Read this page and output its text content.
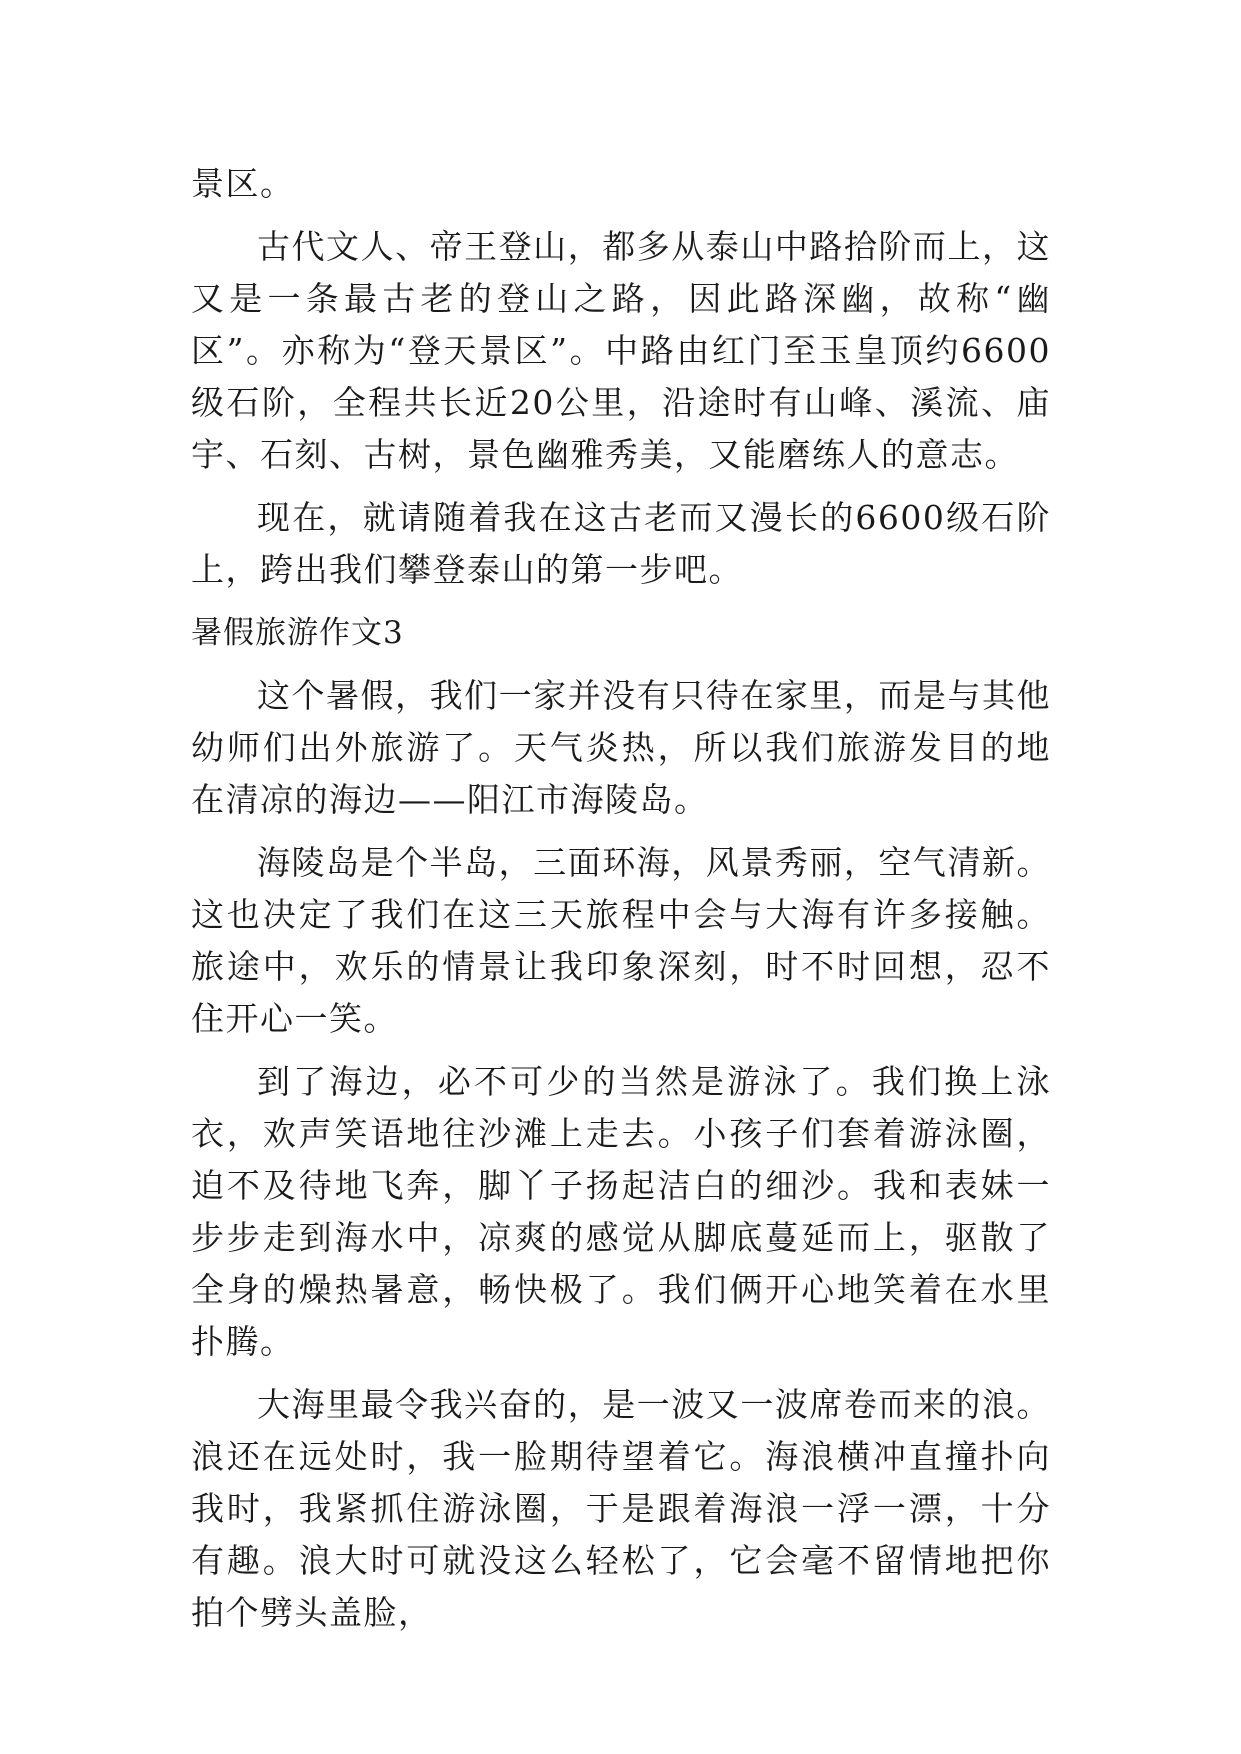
景区。

古代文人、帝王登山，都多从泰山中路拾阶而上，这又是一条最古老的登山之路，因此路深幽，故称“幽区”。亦称为“登天景区”。中路由红门至玉皇顶约6600级石阶，全程共长近20公里，沿途时有山峰、溪流、庙宇、石刻、古树，景色幽雅秀美，又能磨练人的意志。

现在，就请随着我在这古老而又漫长的6600级石阶上，跨出我们攀登泰山的第一步吧。

暑假旅游作文3

这个暑假，我们一家并没有只待在家里，而是与其他幼师们出外旅游了。天气炎热，所以我们旅游发目的地在清凉的海边——阳江市海陵岛。

海陵岛是个半岛，三面环海，风景秀丽，空气清新。这也决定了我们在这三天旅程中会与大海有许多接触。旅途中，欢乐的情景让我印象深刻，时不时回想，忍不住开心一笑。

到了海边，必不可少的当然是游泳了。我们换上泳衣，欢声笑语地往沙滩上走去。小孩子们套着游泳圈，迫不及待地飞奔，脚丫子扬起洁白的细沙。我和表妹一步步走到海水中，凉爽的感觉从脚底蔓延而上，驱散了全身的燥热暑意，畅快极了。我们俩开心地笑着在水里扑腾。

大海里最令我兴奋的，是一波又一波席卷而来的浪。浪还在远处时，我一脸期待望着它。海浪横冲直撞扑向我时，我紧抓住游泳圈，于是跟着海浪一浮一漂，十分有趣。浪大时可就没这么轻松了，它会毫不留情地把你拍个劈头盖脸，
